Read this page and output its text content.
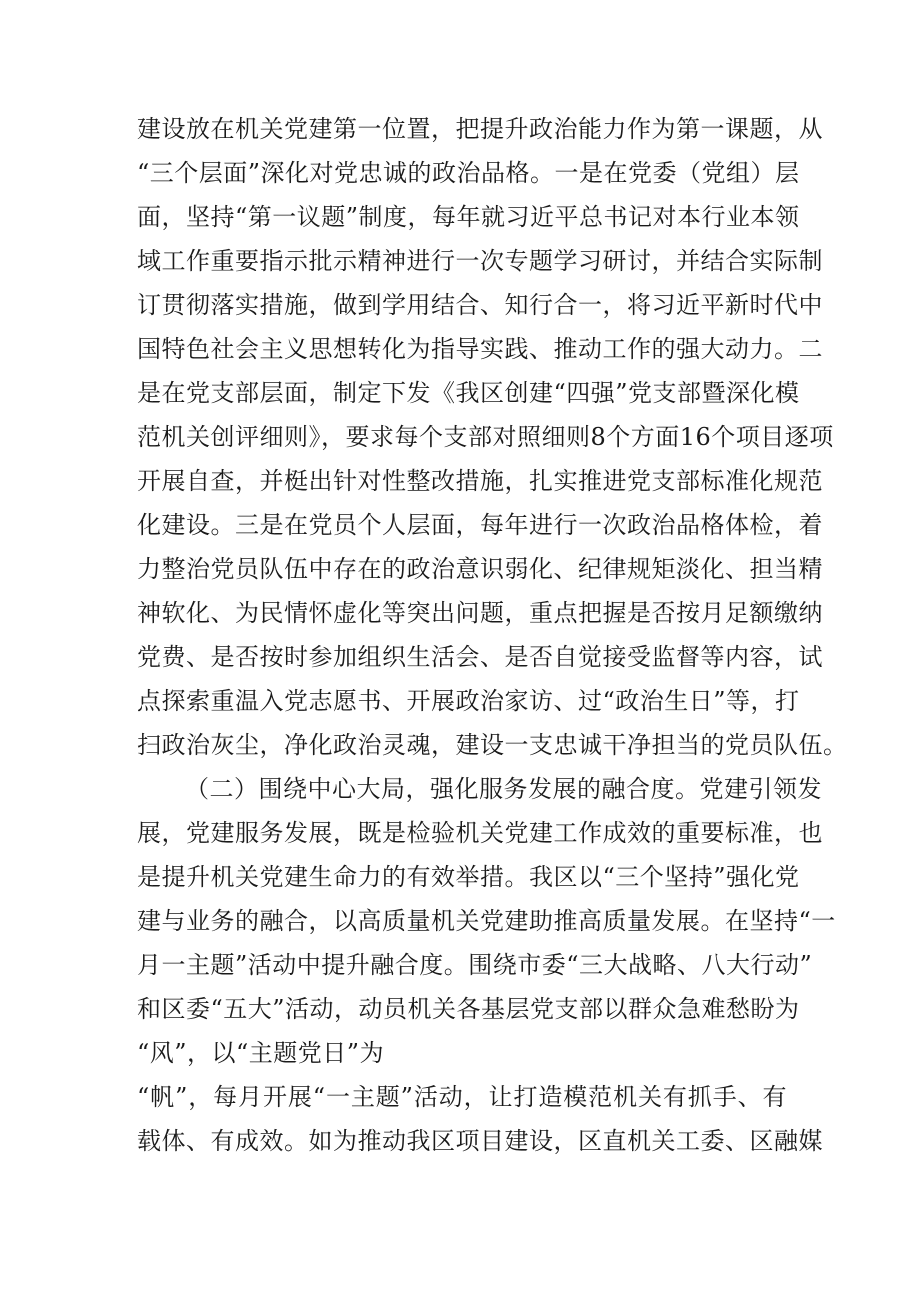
建设放在机关党建第一位置，把提升政治能力作为第一课题，从
“三个层面”深化对党忠诚的政治品格。一是在党委（党组）层
面，坚持“第一议题”制度，每年就习近平总书记对本行业本领
域工作重要指示批示精神进行一次专题学习研讨，并结合实际制
订贯彻落实措施，做到学用结合、知行合一，将习近平新时代中
国特色社会主义思想转化为指导实践、推动工作的强大动力。二
是在党支部层面，制定下发《我区创建“四强”党支部暨深化模
范机关创评细则》，要求每个支部对照细则8个方面16个项目逐项
开展自查，并梃出针对性整改措施，扎实推进党支部标准化规范
化建设。三是在党员个人层面，每年进行一次政治品格体检，着
力整治党员队伍中存在的政治意识弱化、纪律规矩淡化、担当精
神软化、为民情怀虚化等突出问题，重点把握是否按月足额缴纳
党费、是否按时参加组织生活会、是否自觉接受监督等内容，试
点探索重温入党志愿书、开展政治家访、过“政治生日”等，打
扫政治灰尘，净化政治灵魂，建设一支忠诚干净担当的党员队伍。
（二）围绕中心大局，强化服务发展的融合度。党建引领发
展，党建服务发展，既是检验机关党建工作成效的重要标准，也
是提升机关党建生命力的有效举措。我区以“三个坚持”强化党
建与业务的融合，以高质量机关党建助推高质量发展。在坚持“一
月一主题”活动中提升融合度。围绕市委“三大战略、八大行动”
和区委“五大”活动，动员机关各基层党支部以群众急难愁盼为
“风”，以“主题党日”为
“帆”，每月开展“一主题”活动，让打造模范机关有抓手、有
载体、有成效。如为推动我区项目建设，区直机关工委、区融媒
